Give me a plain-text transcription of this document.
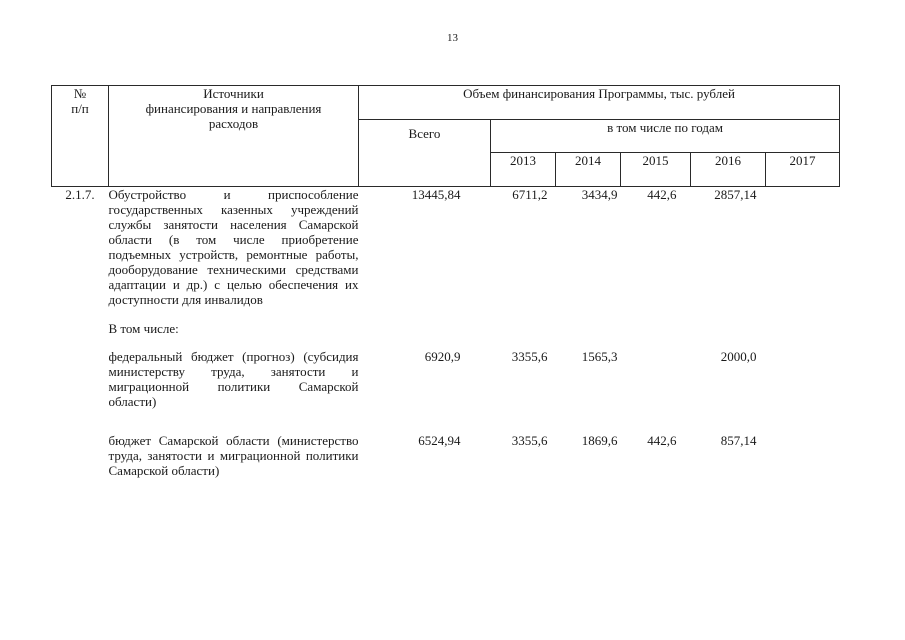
13
№
п/п	Источники
финансирования и направления
расходов	Объем финансирования Программы, тыс. рублей					
		Всего	в том числе по годам				
			2013	2014	2015	2016	2017
2.1.7.	Обустройство и приспособление государственных казенных учреждений службы занятости населения Самарской области (в том числе приобретение подъемных устройств, ремонтные работы, дооборудование техническими средствами адаптации и др.) с целью обеспечения их доступности для инвалидов	13445,84	6711,2	3434,9	442,6	2857,14	
	В том числе:						
	федеральный бюджет (прогноз) (субсидия министерству труда, занятости и миграционной политики Самарской области)	6920,9	3355,6	1565,3		2000,0	
	бюджет Самарской области (министерство труда, занятости и миграционной политики Самарской области)	6524,94	3355,6	1869,6	442,6	857,14	
